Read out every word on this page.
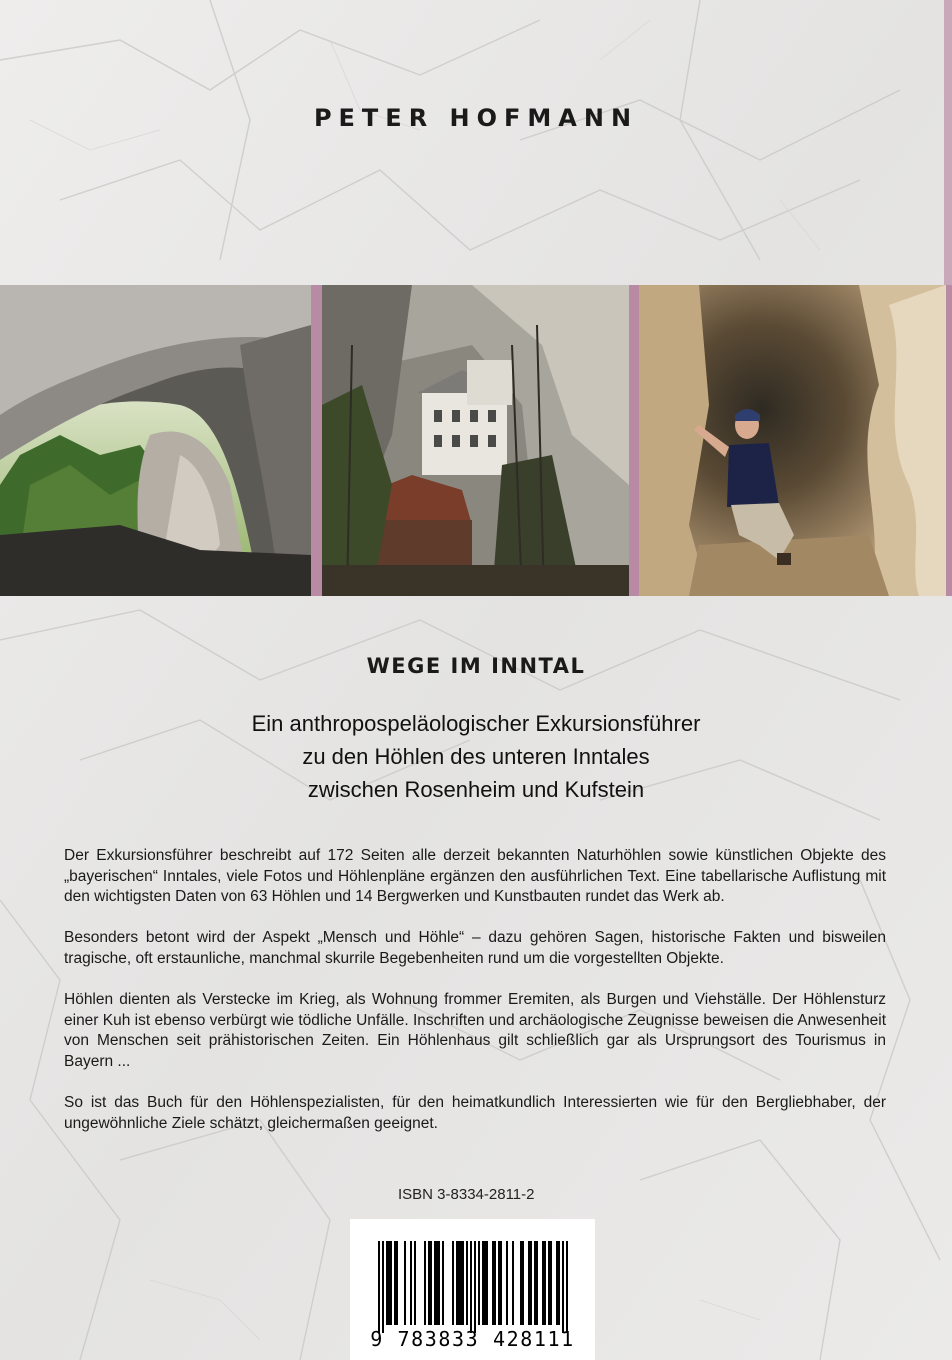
PETER HOFMANN
WEGE IM INNTAL
Ein anthropospeläologischer Exkursionsführer
zu den Höhlen des unteren Inntales
zwischen Rosenheim und Kufstein

Der Exkursionsführer beschreibt auf 172 Seiten alle derzeit bekannten Naturhöhlen sowie künstlichen Objekte des „bayerischen“ Inntales, viele Fotos und Höhlenpläne ergänzen den ausführlichen Text. Eine tabellarische Auflistung mit den wichtigsten Daten von 63 Höhlen und 14 Bergwerken und Kunstbauten rundet das Werk ab.

Besonders betont wird der Aspekt „Mensch und Höhle“ – dazu gehören Sagen, historische Fakten und bisweilen tragische, oft erstaunliche, manchmal skurrile Begebenheiten rund um die vorgestellten Objekte.

Höhlen dienten als Verstecke im Krieg, als Wohnung frommer Eremiten, als Burgen und Viehställe. Der Höhlensturz einer Kuh ist ebenso verbürgt wie tödliche Unfälle. Inschriften und archäologische Zeugnisse beweisen die Anwesenheit von Menschen seit prähistorischen Zeiten. Ein Höhlenhaus gilt schließlich gar als Ursprungsort des Tourismus in Bayern ...

So ist das Buch für den Höhlenspezialisten, für den heimatkundlich Interessierten wie für den Bergliebhaber, der ungewöhnliche Ziele schätzt, gleichermaßen geeignet.

ISBN 3-8334-2811-2
9 783833 428111
